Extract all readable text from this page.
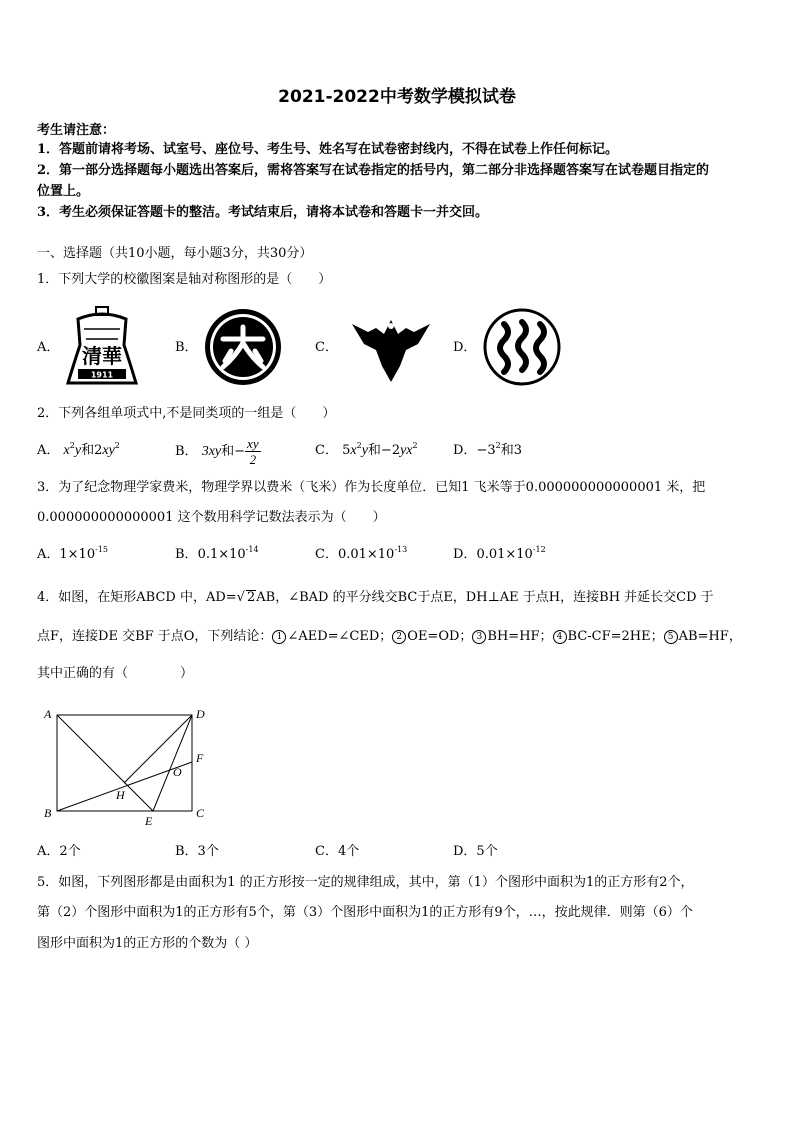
2021-2022中考数学模拟试卷
考生请注意：
1．答题前请将考场、试室号、座位号、考生号、姓名写在试卷密封线内，不得在试卷上作任何标记。
2．第一部分选择题每小题选出答案后，需将答案写在试卷指定的括号内，第二部分非选择题答案写在试卷题目指定的
位置上。
3．考生必须保证答题卡的整洁。考试结束后，请将本试卷和答题卡一并交回。
一、选择题（共10小题，每小题3分，共30分）
1．下列大学的校徽图案是轴对称图形的是（　　）
A． 清華
1911
B．	C．	D．
2．下列各组单项式中,不是同类项的一组是（　　）
A． $x^2y$和$2xy^2$	B． 3xy和− $\frac{xy}{2}$	C． $5x^2y$和$-2yx^2$	D．$-3^2$和3
3．为了纪念物理学家费米，物理学界以费米（飞米）作为长度单位．已知1 飞米等于0.000000000000001 米，把
0.000000000000001 这个数用科学记数法表示为（　　）
A．$1\times 10^{-15}$	B．$0.1\times 10^{-14}$	C．$0.01\times 10^{-13}$	D．$0.01\times 10^{-12}$
4．如图，在矩形ABCD 中，AD=√ 2AB，∠BAD 的平分线交BC于点E，DH⊥AE 于点H，连接BH 并延长交CD 于
点F，连接DE 交BF 于点O，下列结论： 1 ∠AED=∠CED； 2 OE=OD； 3 BH=HF； 4 BC-CF=2HE； 5 AB=HF，
其中正确的有（　　　　）
A	D
F
O
H
B
E
C
A．2个	B．3个	C．4个	D．5个
5．如图，下列图形都是由面积为1 的正方形按一定的规律组成，其中，第（1）个图形中面积为1的正方形有2个，
第（2）个图形中面积为1的正方形有5个，第（3）个图形中面积为1的正方形有9个，…，按此规律．则第（6）个
图形中面积为1的正方形的个数为（ ）
